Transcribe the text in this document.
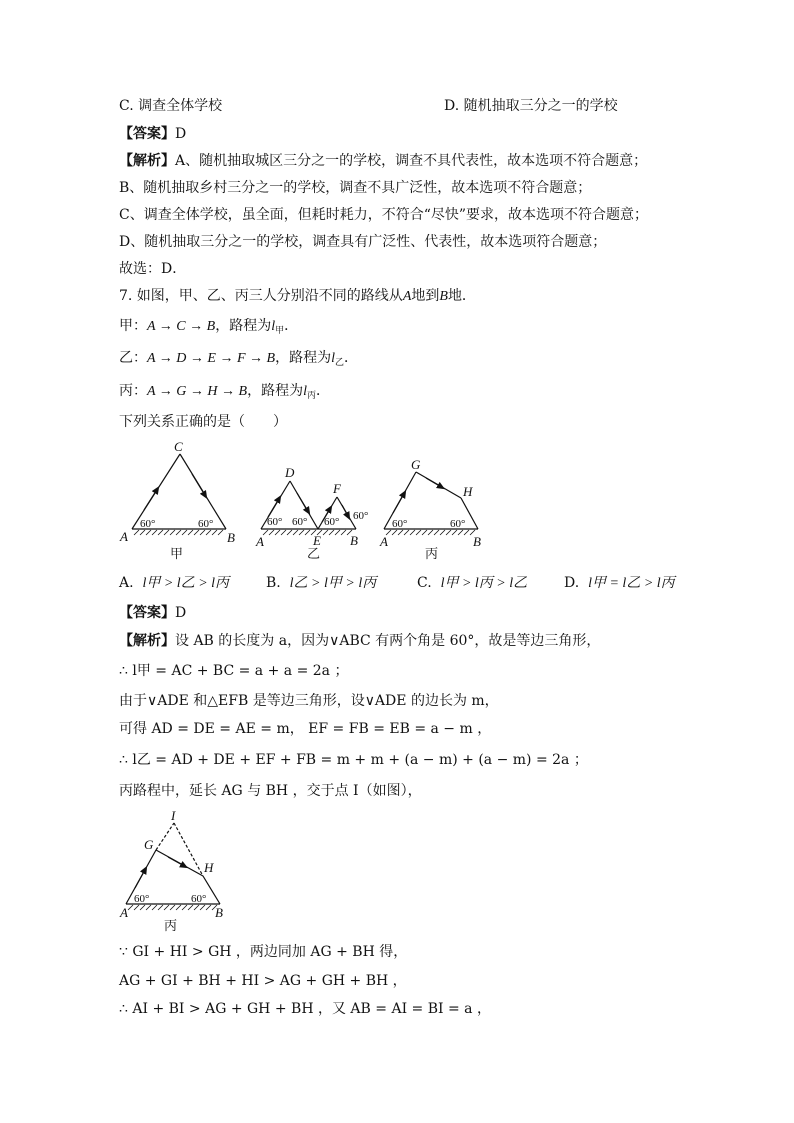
C. 调查全体学校	D. 随机抽取三分之一的学校
【答案】D
【解析】A、随机抽取城区三分之一的学校，调查不具代表性，故本选项不符合题意；
B、随机抽取乡村三分之一的学校，调查不具广泛性，故本选项不符合题意；
C、调查全体学校，虽全面，但耗时耗力，不符合“尽快”要求，故本选项不符合题意；
D、随机抽取三分之一的学校，调查具有广泛性、代表性，故本选项符合题意；
故选：D．
7. 如图，甲、乙、丙三人分别沿不同的路线从A地到B地．
甲：A → C → B，路程为$l_甲$．
乙：A → D → E → F → B，路程为$l_乙$．
丙：A → G → H → B，路程为$l_丙$．
下列关系正确的是（　　）
A	B
C
A
D
E
F
B A
G
H
B
60°	60°	60° 60° 60° 60°
60°	60°
甲	乙	丙
A. l甲 > l乙 > l丙	B. l乙 > l甲 > l丙	C. l甲 > l丙 > l乙	D. l甲 = l乙 > l丙
【答案】D
【解析】设 AB 的长度为 a，因为∨ABC 有两个角是 60°，故是等边三角形，
∴ l甲 = AC + BC = a + a = 2a ；
由于∨ADE 和△EFB 是等边三角形，设∨ADE 的边长为 m，
可得 AD = DE = AE = m， EF = FB = EB = a − m ，
∴ l乙 = AD + DE + EF + FB = m + m + (a − m) + (a − m) = 2a ；
丙路程中，延长 AG 与 BH ，交于点 I（如图），
I
G
H
A	B
60°	60°
丙
∵ GI + HI > GH ，两边同加 AG + BH 得，
AG + GI + BH + HI > AG + GH + BH ，
∴ AI + BI > AG + GH + BH ，又 AB = AI = BI = a ，
